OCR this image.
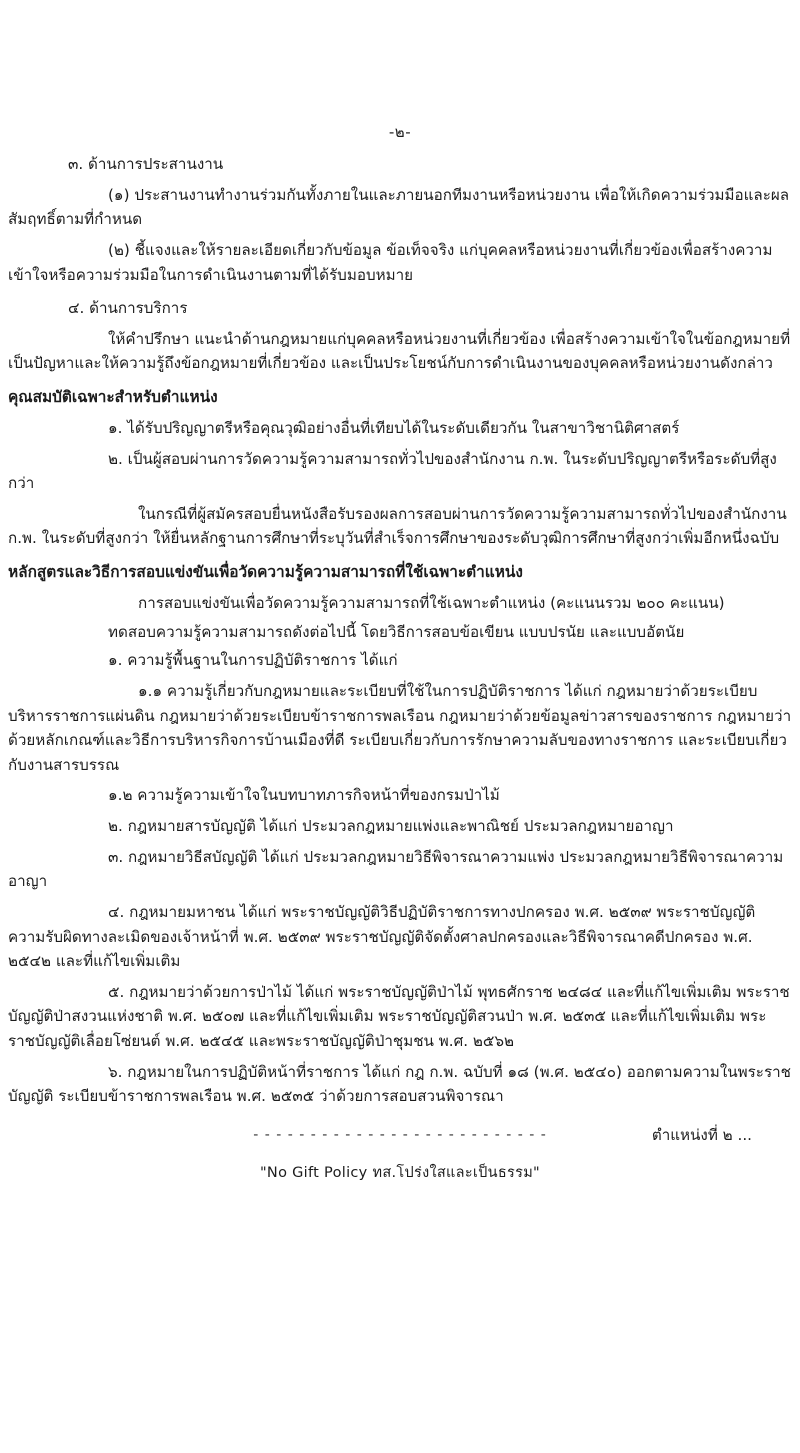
-๒-

๓. ด้านการประสานงาน

(๑) ประสานงานทำงานร่วมกันทั้งภายในและภายนอกทีมงานหรือหน่วยงาน เพื่อให้เกิดความร่วมมือและผลสัมฤทธิ์ตามที่กำหนด

(๒) ชี้แจงและให้รายละเอียดเกี่ยวกับข้อมูล ข้อเท็จจริง แก่บุคคลหรือหน่วยงานที่เกี่ยวข้องเพื่อสร้างความเข้าใจหรือความร่วมมือในการดำเนินงานตามที่ได้รับมอบหมาย

๔. ด้านการบริการ

ให้คำปรึกษา แนะนำด้านกฎหมายแก่บุคคลหรือหน่วยงานที่เกี่ยวข้อง เพื่อสร้างความเข้าใจในข้อกฎหมายที่เป็นปัญหาและให้ความรู้ถึงข้อกฎหมายที่เกี่ยวข้อง และเป็นประโยชน์กับการดำเนินงานของบุคคลหรือหน่วยงานดังกล่าว

คุณสมบัติเฉพาะสำหรับตำแหน่ง

๑. ได้รับปริญญาตรีหรือคุณวุฒิอย่างอื่นที่เทียบได้ในระดับเดียวกัน ในสาขาวิชานิติศาสตร์

๒. เป็นผู้สอบผ่านการวัดความรู้ความสามารถทั่วไปของสำนักงาน ก.พ. ในระดับปริญญาตรีหรือระดับที่สูงกว่า

ในกรณีที่ผู้สมัครสอบยื่นหนังสือรับรองผลการสอบผ่านการวัดความรู้ความสามารถทั่วไปของสำนักงาน ก.พ. ในระดับที่สูงกว่า ให้ยื่นหลักฐานการศึกษาที่ระบุวันที่สำเร็จการศึกษาของระดับวุฒิการศึกษาที่สูงกว่าเพิ่มอีกหนึ่งฉบับ

หลักสูตรและวิธีการสอบแข่งขันเพื่อวัดความรู้ความสามารถที่ใช้เฉพาะตำแหน่ง

การสอบแข่งขันเพื่อวัดความรู้ความสามารถที่ใช้เฉพาะตำแหน่ง (คะแนนรวม ๒๐๐ คะแนน)

ทดสอบความรู้ความสามารถดังต่อไปนี้ โดยวิธีการสอบข้อเขียน แบบปรนัย และแบบอัตนัย

๑. ความรู้พื้นฐานในการปฏิบัติราชการ ได้แก่

๑.๑ ความรู้เกี่ยวกับกฎหมายและระเบียบที่ใช้ในการปฏิบัติราชการ ได้แก่ กฎหมายว่าด้วยระเบียบบริหารราชการแผ่นดิน กฎหมายว่าด้วยระเบียบข้าราชการพลเรือน กฎหมายว่าด้วยข้อมูลข่าวสารของราชการ กฎหมายว่าด้วยหลักเกณฑ์และวิธีการบริหารกิจการบ้านเมืองที่ดี ระเบียบเกี่ยวกับการรักษาความลับของทางราชการ และระเบียบเกี่ยวกับงานสารบรรณ

๑.๒ ความรู้ความเข้าใจในบทบาทภารกิจหน้าที่ของกรมป่าไม้

๒. กฎหมายสารบัญญัติ ได้แก่ ประมวลกฎหมายแพ่งและพาณิชย์ ประมวลกฎหมายอาญา

๓. กฎหมายวิธีสบัญญัติ ได้แก่ ประมวลกฎหมายวิธีพิจารณาความแพ่ง ประมวลกฎหมายวิธีพิจารณาความอาญา

๔. กฎหมายมหาชน ได้แก่ พระราชบัญญัติวิธีปฏิบัติราชการทางปกครอง พ.ศ. ๒๕๓๙ พระราชบัญญัติความรับผิดทางละเมิดของเจ้าหน้าที่ พ.ศ. ๒๕๓๙ พระราชบัญญัติจัดตั้งศาลปกครองและวิธีพิจารณาคดีปกครอง พ.ศ. ๒๕๔๒ และที่แก้ไขเพิ่มเติม

๕. กฎหมายว่าด้วยการป่าไม้ ได้แก่ พระราชบัญญัติป่าไม้ พุทธศักราช ๒๔๘๔ และที่แก้ไขเพิ่มเติม พระราชบัญญัติป่าสงวนแห่งชาติ พ.ศ. ๒๕๐๗ และที่แก้ไขเพิ่มเติม พระราชบัญญัติสวนป่า พ.ศ. ๒๕๓๕ และที่แก้ไขเพิ่มเติม พระราชบัญญัติเลื่อยโซ่ยนต์ พ.ศ. ๒๕๔๕ และพระราชบัญญัติป่าชุมชน พ.ศ. ๒๕๖๒

๖. กฎหมายในการปฏิบัติหน้าที่ราชการ ได้แก่ กฎ ก.พ. ฉบับที่ ๑๘ (พ.ศ. ๒๕๔๐) ออกตามความในพระราชบัญญัติ ระเบียบข้าราชการพลเรือน พ.ศ. ๒๕๓๕ ว่าด้วยการสอบสวนพิจารณา

- - - - - - - - - - - - - - - - - - - - - - - - - -	ตำแหน่งที่ ๒ ...
"No Gift Policy ทส.โปร่งใสและเป็นธรรม"
